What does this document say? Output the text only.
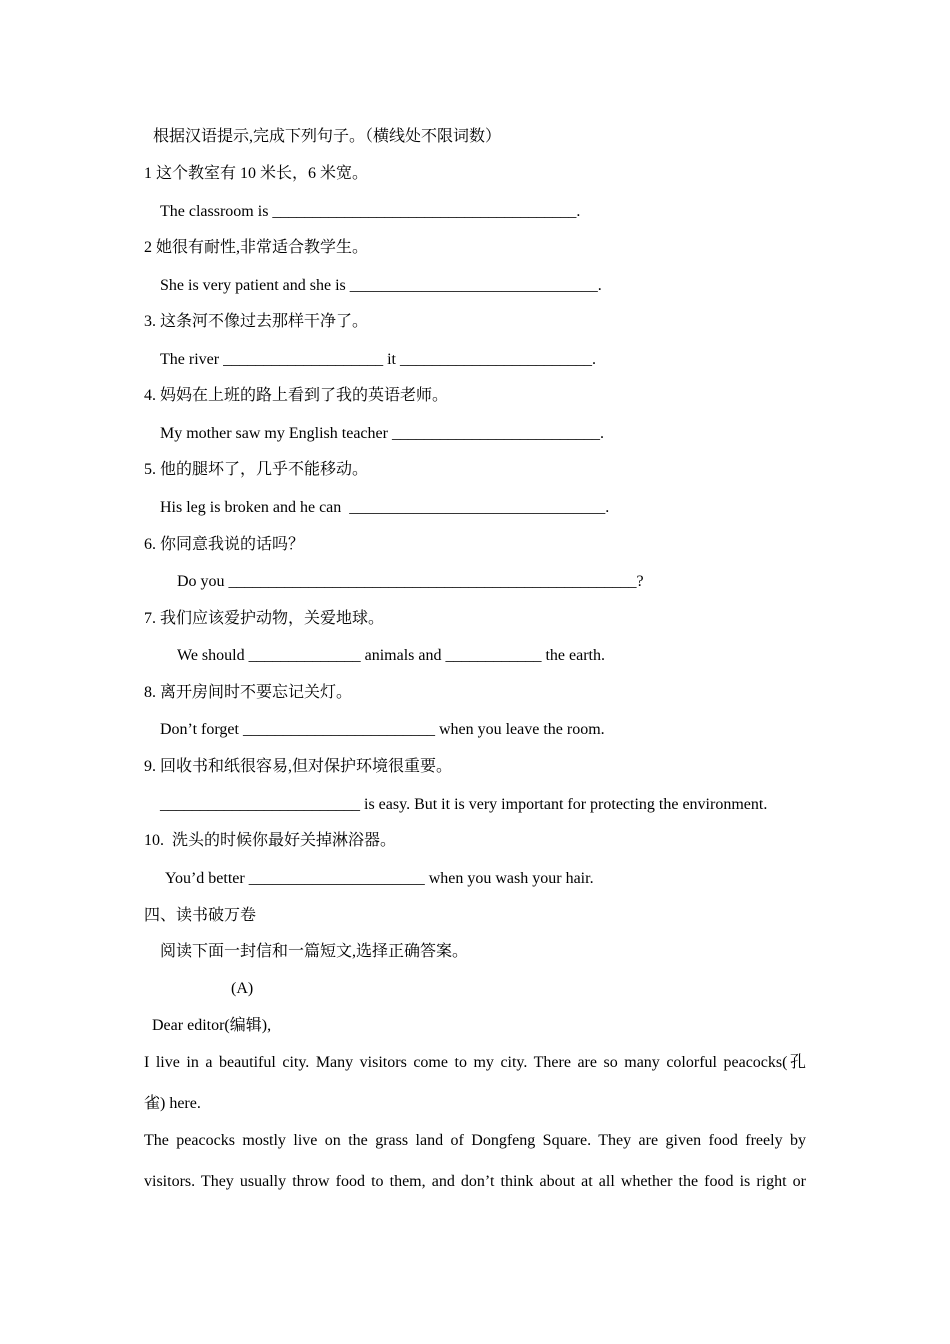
根据汉语提示,完成下列句子。（横线处不限词数）
1 这个教室有 10 米长，6 米宽。
The classroom is ______________________________________.
2 她很有耐性,非常适合教学生。
She is very patient and she is _______________________________.
3. 这条河不像过去那样干净了。
The river ____________________ it ________________________.
4. 妈妈在上班的路上看到了我的英语老师。
My mother saw my English teacher __________________________.
5. 他的腿坏了，几乎不能移动。
His leg is broken and he can  ________________________________.
6. 你同意我说的话吗？
Do you ___________________________________________________?
7. 我们应该爱护动物，关爱地球。
We should ______________ animals and ____________ the earth.
8. 离开房间时不要忘记关灯。
Don’t forget ________________________ when you leave the room.
9. 回收书和纸很容易,但对保护环境很重要。
_________________________ is easy. But it is very important for protecting the environment.
10.  洗头的时候你最好关掉淋浴器。
You’d better ______________________ when you wash your hair.
四、读书破万卷
阅读下面一封信和一篇短文,选择正确答案。
(A)
Dear editor(编辑),
I live in a beautiful city. Many visitors come to my city. There are so many colorful peacocks(孔
雀) here.
The peacocks mostly live on the grass land of Dongfeng Square. They are given food freely by
visitors. They usually throw food to them, and don’t think about at all whether the food is right or
